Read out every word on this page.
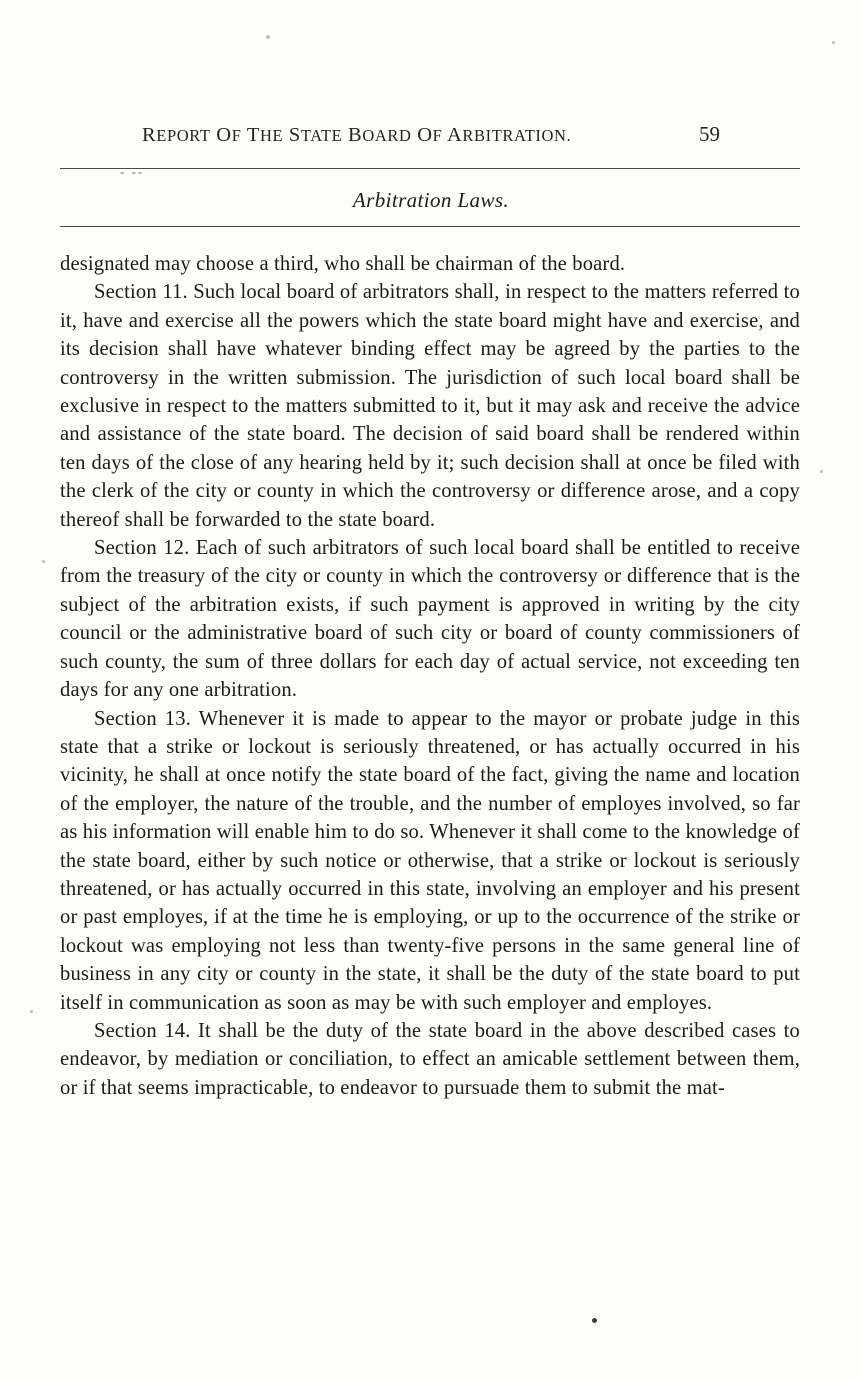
REPORT OF THE STATE BOARD OF ARBITRATION.	59
- --
Arbitration Laws.

designated may choose a third, who shall be chairman of the board.

Section 11. Such local board of arbitrators shall, in respect to the matters referred to it, have and exercise all the powers which the state board might have and exercise, and its decision shall have whatever binding effect may be agreed by the parties to the controversy in the written submission. The jurisdiction of such local board shall be exclusive in respect to the matters submitted to it, but it may ask and receive the advice and assistance of the state board. The decision of said board shall be rendered within ten days of the close of any hearing held by it; such decision shall at once be filed with the clerk of the city or county in which the controversy or difference arose, and a copy thereof shall be forwarded to the state board.

Section 12. Each of such arbitrators of such local board shall be entitled to receive from the treasury of the city or county in which the controversy or difference that is the subject of the arbitration exists, if such payment is approved in writing by the city council or the administrative board of such city or board of county commissioners of such county, the sum of three dollars for each day of actual service, not exceeding ten days for any one arbitration.

Section 13. Whenever it is made to appear to the mayor or probate judge in this state that a strike or lockout is seriously threatened, or has actually occurred in his vicinity, he shall at once notify the state board of the fact, giving the name and location of the employer, the nature of the trouble, and the number of employes involved, so far as his information will enable him to do so. Whenever it shall come to the knowledge of the state board, either by such notice or otherwise, that a strike or lockout is seriously threatened, or has actually occurred in this state, involving an employer and his present or past employes, if at the time he is employing, or up to the occurrence of the strike or lockout was employing not less than twenty-five persons in the same general line of business in any city or county in the state, it shall be the duty of the state board to put itself in communication as soon as may be with such employer and employes.

Section 14. It shall be the duty of the state board in the above described cases to endeavor, by mediation or conciliation, to effect an amicable settlement between them, or if that seems impracticable, to endeavor to pursuade them to submit the mat-
